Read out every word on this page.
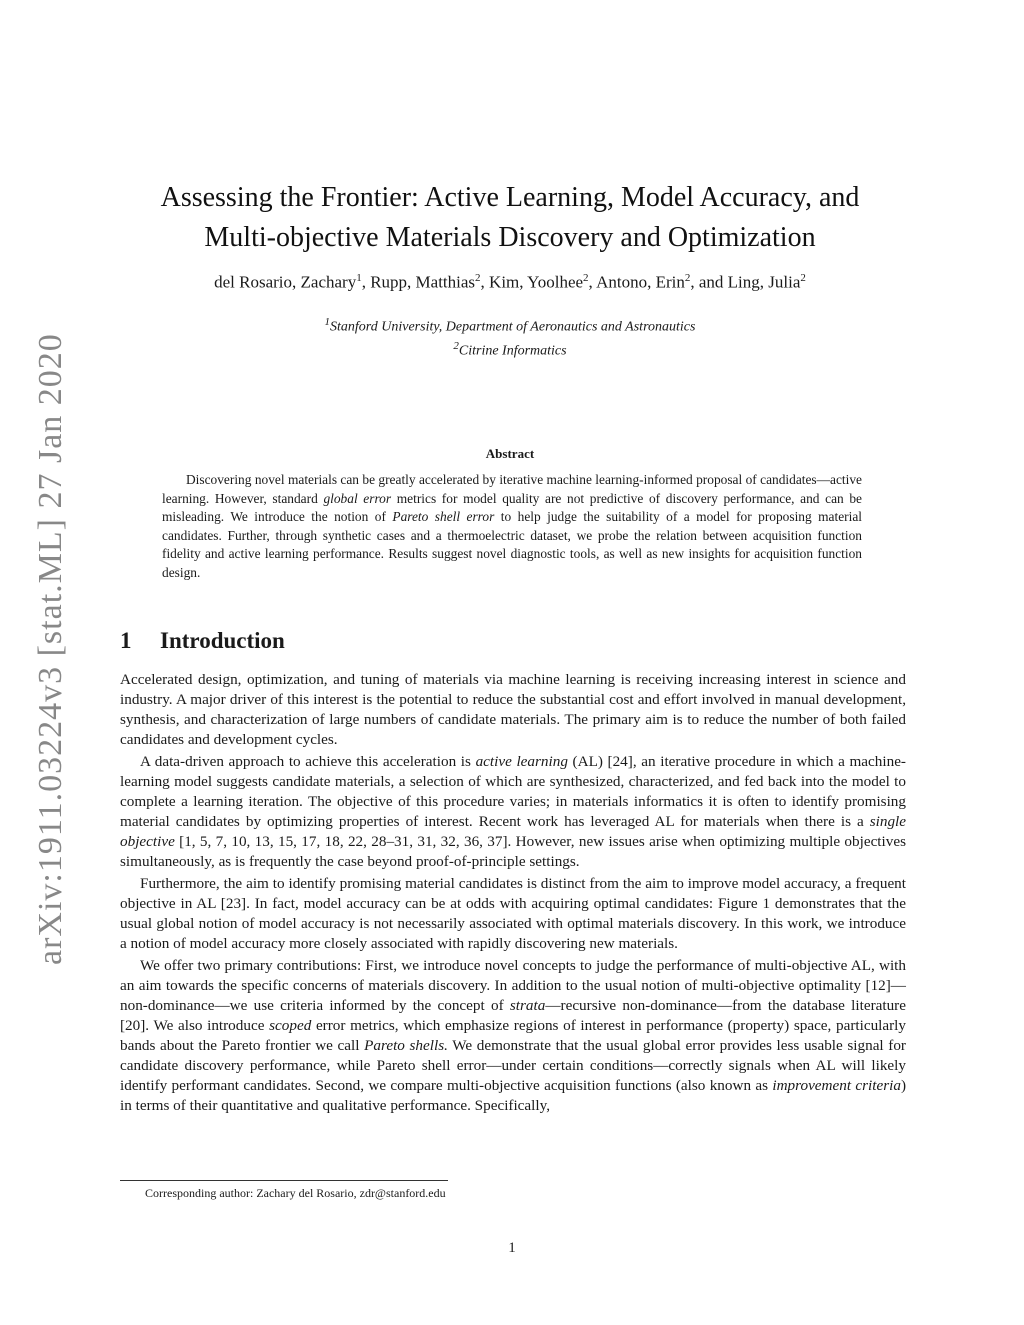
arXiv:1911.03224v3 [stat.ML] 27 Jan 2020
Assessing the Frontier: Active Learning, Model Accuracy, and
Multi-objective Materials Discovery and Optimization
del Rosario, Zachary$^1$, Rupp, Matthias$^2$, Kim, Yoolhee$^2$, Antono, Erin$^2$, and Ling, Julia$^2$
$^1$Stanford University, Department of Aeronautics and Astronautics
$^2$Citrine Informatics
Abstract
Discovering novel materials can be greatly accelerated by iterative machine learning-informed proposal of candidates—active learning. However, standard global error metrics for model quality are not predictive of discovery performance, and can be misleading. We introduce the notion of Pareto shell error to help judge the suitability of a model for proposing material candidates. Further, through synthetic cases and a thermoelectric dataset, we probe the relation between acquisition function fidelity and active learning performance. Results suggest novel diagnostic tools, as well as new insights for acquisition function design.
1 Introduction

Accelerated design, optimization, and tuning of materials via machine learning is receiving increasing interest in science and industry. A major driver of this interest is the potential to reduce the substantial cost and effort involved in manual development, synthesis, and characterization of large numbers of candidate materials. The primary aim is to reduce the number of both failed candidates and development cycles.

A data-driven approach to achieve this acceleration is active learning (AL) [24], an iterative procedure in which a machine-learning model suggests candidate materials, a selection of which are synthesized, characterized, and fed back into the model to complete a learning iteration. The objective of this procedure varies; in materials informatics it is often to identify promising material candidates by optimizing properties of interest. Recent work has leveraged AL for materials when there is a single objective [1, 5, 7, 10, 13, 15, 17, 18, 22, 28–31, 31, 32, 36, 37]. However, new issues arise when optimizing multiple objectives simultaneously, as is frequently the case beyond proof-of-principle settings.

Furthermore, the aim to identify promising material candidates is distinct from the aim to improve model accuracy, a frequent objective in AL [23]. In fact, model accuracy can be at odds with acquiring optimal candidates: Figure 1 demonstrates that the usual global notion of model accuracy is not necessarily associated with optimal materials discovery. In this work, we introduce a notion of model accuracy more closely associated with rapidly discovering new materials.

We offer two primary contributions: First, we introduce novel concepts to judge the performance of multi-objective AL, with an aim towards the specific concerns of materials discovery. In addition to the usual notion of multi-objective optimality [12]—non-dominance—we use criteria informed by the concept of strata—recursive non-dominance—from the database literature [20]. We also introduce scoped error metrics, which emphasize regions of interest in performance (property) space, particularly bands about the Pareto frontier we call Pareto shells. We demonstrate that the usual global error provides less usable signal for candidate discovery performance, while Pareto shell error—under certain conditions—correctly signals when AL will likely identify performant candidates. Second, we compare multi-objective acquisition functions (also known as improvement criteria) in terms of their quantitative and qualitative performance. Specifically,

Corresponding author: Zachary del Rosario, zdr@stanford.edu
1
